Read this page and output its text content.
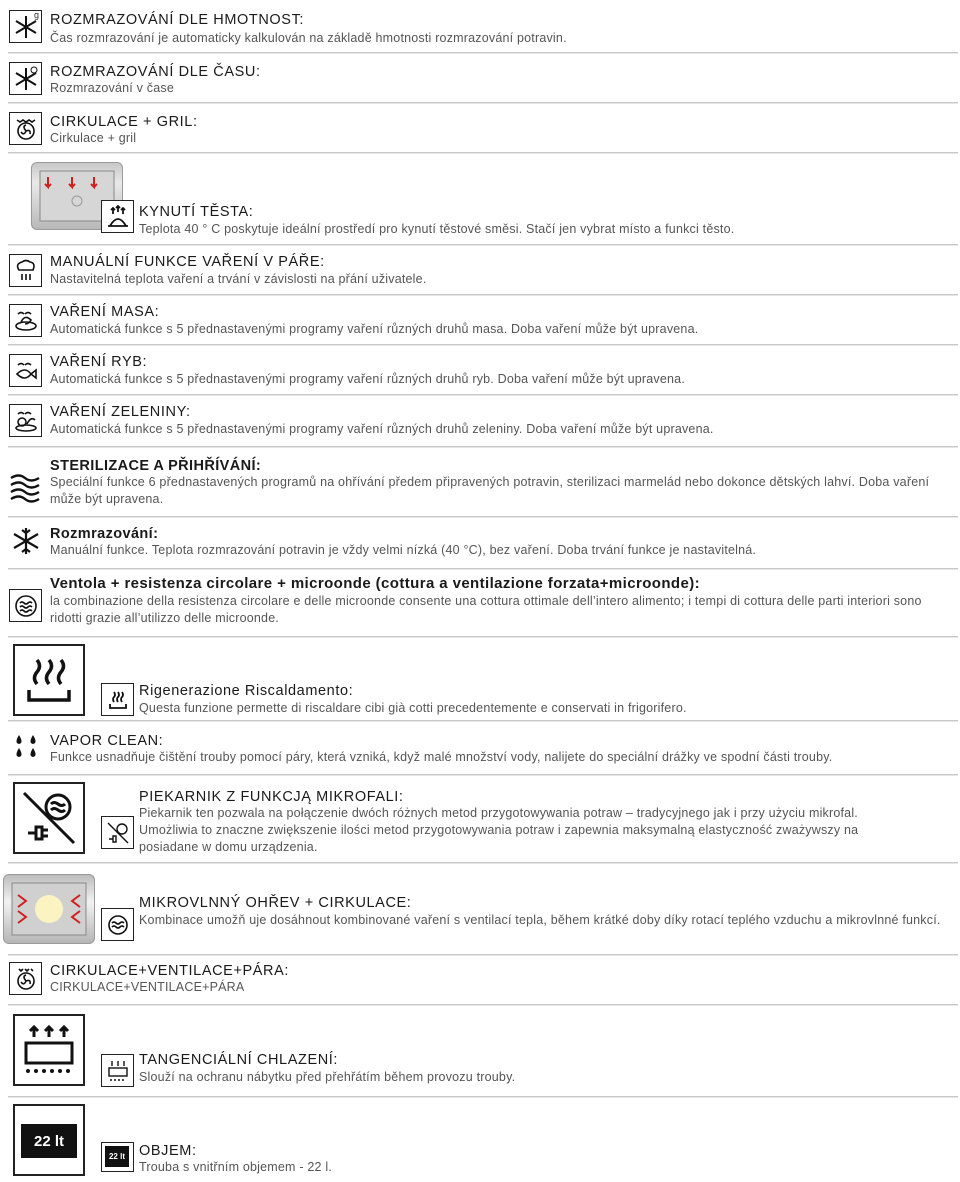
g ROZMRAZOVÁNÍ DLE HMOTNOST:
Čas rozmrazování je automaticky kalkulován na základě hmotnosti rozmrazování potravin.
ROZMRAZOVÁNÍ DLE ČASU:
Rozmrazování v čase
CIRKULACE + GRIL:
Cirkulace + gril
KYNUTÍ TĚSTA:
Teplota 40 ° C poskytuje ideální prostředí pro kynutí těstové směsi. Stačí jen vybrat místo a funkci těsto.
MANUÁLNÍ FUNKCE VAŘENÍ V PÁŘE:
Nastavitelná teplota vaření a trvání v závislosti na přání uživatele.
VAŘENÍ MASA:
Automatická funkce s 5 přednastavenými programy vaření různých druhů masa. Doba vaření může být upravena.
VAŘENÍ RYB:
Automatická funkce s 5 přednastavenými programy vaření různých druhů ryb. Doba vaření může být upravena.
VAŘENÍ ZELENINY:
Automatická funkce s 5 přednastavenými programy vaření různých druhů zeleniny. Doba vaření může být upravena.
STERILIZACE A PŘIHŘÍVÁNÍ:
Speciální funkce 6 přednastavených programů na ohřívání předem připravených potravin, sterilizaci marmelád nebo dokonce dětských lahví. Doba vaření může být upravena.
Rozmrazování:
Manuální funkce. Teplota rozmrazování potravin je vždy velmi nízká (40 °C), bez vaření. Doba trvání funkce je nastavitelná.
Ventola + resistenza circolare + microonde (cottura a ventilazione forzata+microonde):
la combinazione della resistenza circolare e delle microonde consente una cottura ottimale dell’intero alimento; i tempi di cottura delle parti interiori sono ridotti grazie all’utilizzo delle microonde.
Rigenerazione Riscaldamento:
Questa funzione permette di riscaldare cibi già cotti precedentemente e conservati in frigorifero.
VAPOR CLEAN:
Funkce usnadňuje čištění trouby pomocí páry, která vzniká, když malé množství vody, nalijete do speciální drážky ve spodní části trouby.
PIEKARNIK Z FUNKCJĄ MIKROFALI:
Piekarnik ten pozwala na połączenie dwóch różnych metod przygotowywania potraw – tradycyjnego jak i przy użyciu mikrofal. Umożliwia to znaczne zwiększenie ilości metod przygotowywania potraw i zapewnia maksymalną elastyczność zważywszy na posiadane w domu urządzenia.
MIKROVLNNÝ OHŘEV + CIRKULACE:
Kombinace umožň uje dosáhnout kombinované vaření s ventilací tepla, během krátké doby díky rotací teplého vzduchu a mikrovlnné funkcí.
CIRKULACE+VENTILACE+PÁRA:
CIRKULACE+VENTILACE+PÁRA
TANGENCIÁLNÍ CHLAZENÍ:
Slouží na ochranu nábytku před přehřátím během provozu trouby.
22 lt
22 lt OBJEM:
Trouba s vnitřním objemem - 22 l.
